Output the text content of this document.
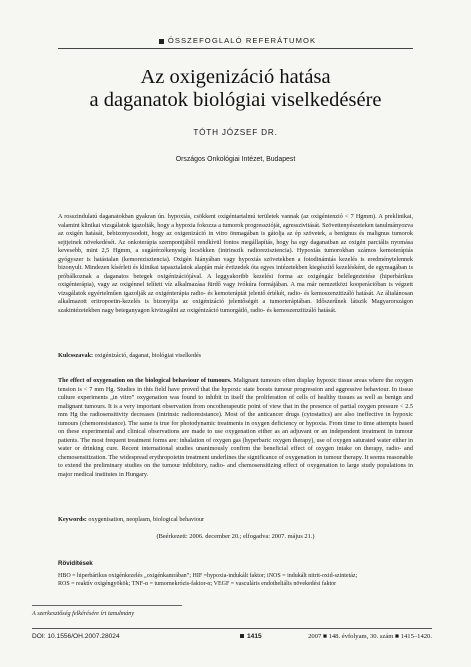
ÖSSZEFOGLALÓ REFERÁTUMOK
Az oxigenizáció hatása
a daganatok biológiai viselkedésére
TÓTH JÓZSEF DR.
Országos Onkológiai Intézet, Budapest

A rosszindulatú daganatokban gyakran ún. hypoxiás, csökkent oxigéntartalmú területek vannak (az oxigéntenzió < 7 Hgmm). A preklinikai, valamint klinikai vizsgálatok igazolták, hogy a hypoxia fokozza a tumorok progresszióját, agresszivitását. Szövettenyészeteken tanulmányozva az oxigén hatását, bebizonyosodott, hogy az oxigenizáció in vitro önmagában is gátolja az ép szövetek, a benignus és malignus tumorok sejtjeinek növekedését. Az onkoterápia szempontjából rendkívül fontos megállapítás, hogy ha egy daganatban az oxigén parciális nyomása kevesebb, mint 2,5 Hgmm, a sugárérzékenység lecsökken (intrinszik radiorezisztencia). Hypoxiás tumorokban számos kemoterápiás gyógyszer is hatástalan (kemorezisztencia). Oxigén hiányában vagy hypoxiás szövetekben a fotodinámiás kezelés is eredménytelennek bizonyult. Mindezen kísérleti és klinikai tapasztalatok alapján már évtizedek óta egyes intézetekben kiegészítő kezelésként, de egymagában is próbálkoznak a daganatos betegek oxigénizációjával. A leggyakoribb kezelési forma az oxigéngáz belélegeztetése (hiperbárikus oxigénterápia), vagy az oxigénnel telített víz alkalmazása fürdő vagy ivókúra formájában. A ma már nemzetközi kooperációban is végzett vizsgálatok egyértelműen igazolják az oxigénterápia radio- és kemoterápiát jelentő értékét, radio- és kemoszenzitizáló hatását. Az általánosan alkalmazott eritropoetin-kezelés is bizonyítja az oxigénizáció jelentőségét a tumorterápiában. Időszerűnek látszik Magyarországon szakintézetekben nagy beteganyagon kivizsgálni az oxigénizáció tumorgátló, radio- és kemoszenzitizáló hatását.

Kulcsszavak: oxigénizáció, daganat, biológiai viselkedés

The effect of oxygenation on the biological behaviour of tumours. Malignant tumours often display hypoxic tissue areas where the oxygen tension is < 7 mm Hg. Studies in this field have proved that the hypoxic state boosts tumour progression and aggressive behaviour. In tissue culture experiments „in vitro” oxygenation was found to inhibit in itself the proliferation of cells of healthy tissues as well as benign and malignant tumours. It is a very important observation from oncotherapeutic point of view that in the presence of partial oxygen pressure < 2.5 mm Hg the radiosensitivity decreases (intrinsic radioresistance). Most of the anticancer drugs (cytostatics) are also ineffective in hypoxic tumours (chemoresistance). The same is true for photodynamic treatments in oxygen deficiency or hypoxia. From time to time attempts based on these experimental and clinical observations are made to use oxygenation either as an adjuvant or an independent treatment in tumour patients. The most frequent treatment forms are: inhalation of oxygen gas (hyperbaric oxygen therapy), use of oxygen saturated water either in water or drinking cure. Recent international studies unanimously confirm the beneficial effect of oxygen intake on therapy, radio- and chemosensitization. The widespread erythropoietin treatment underlines the significance of oxygenation in tumour therapy. It seems reasonable to extend the preliminary studies on the tumour inhibitory, radio- and chemosensitizing effect of oxygenation to large study populations in major medical institutes in Hungary.

Keywords: oxygenisation, neoplasm, biological behaviour

(Beérkezett: 2006. december 20.; elfogadva: 2007. május 21.)
Rövidítések
HBO = hiperbárikus oxigénkezelés „oxigénkamrában”; HIF =hypoxia-indukált faktor; iNOS = indukált nitrit-oxid-szintetáz;
ROS = reaktív oxigéngyökök; TNF-α = tumornekrózis-faktor-α; VEGF = vasculáris endotheliális növekedési faktor
A szerkesztőség felkérésére írt tanulmány
DOI: 10.1556/OH.2007.28024	1415	2007 ■ 148. évfolyam, 30. szám ■ 1415–1420.
